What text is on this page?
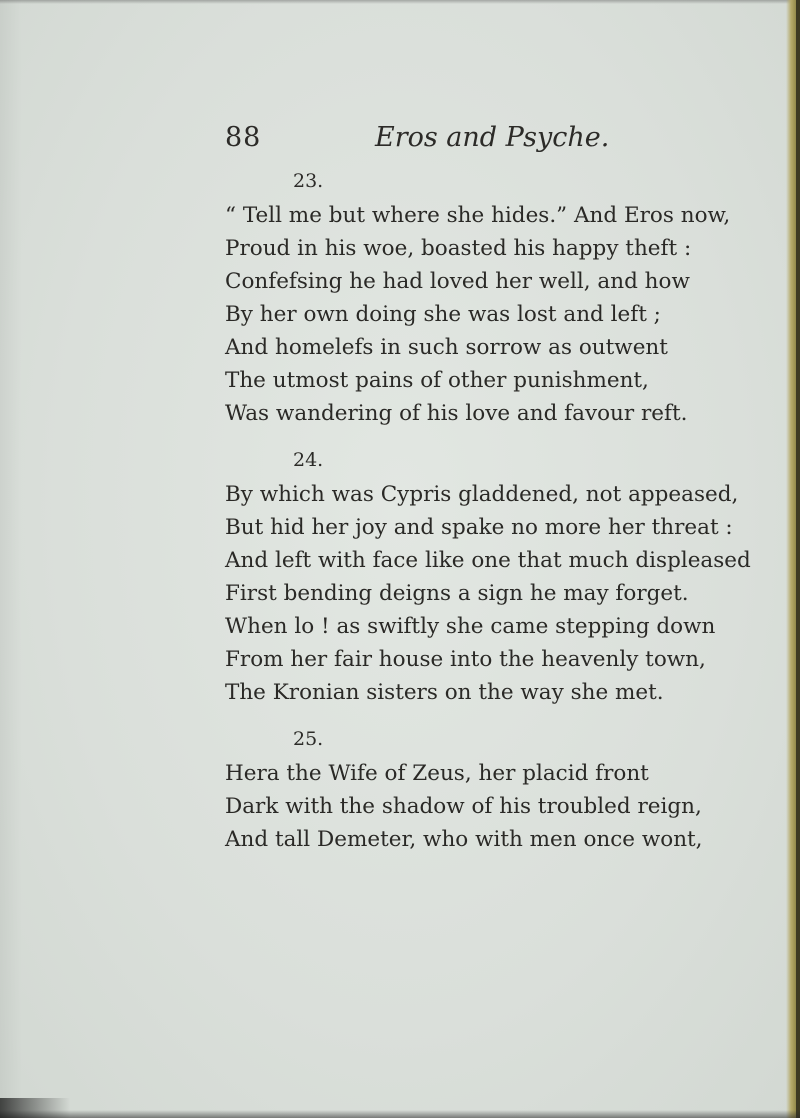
88	Eros and Psyche.
23.
“ Tell me but where she hides.” And Eros now,
Proud in his woe, boasted his happy theft :
Confefsing he had loved her well, and how
By her own doing she was lost and left ;
And homelefs in such sorrow as outwent
The utmost pains of other punishment,
Was wandering of his love and favour reft.
24.
By which was Cypris gladdened, not appeased,
But hid her joy and spake no more her threat :
And left with face like one that much displeased
First bending deigns a sign he may forget.
When lo ! as swiftly she came stepping down
From her fair house into the heavenly town,
The Kronian sisters on the way she met.
25.
Hera the Wife of Zeus, her placid front
Dark with the shadow of his troubled reign,
And tall Demeter, who with men once wont,
